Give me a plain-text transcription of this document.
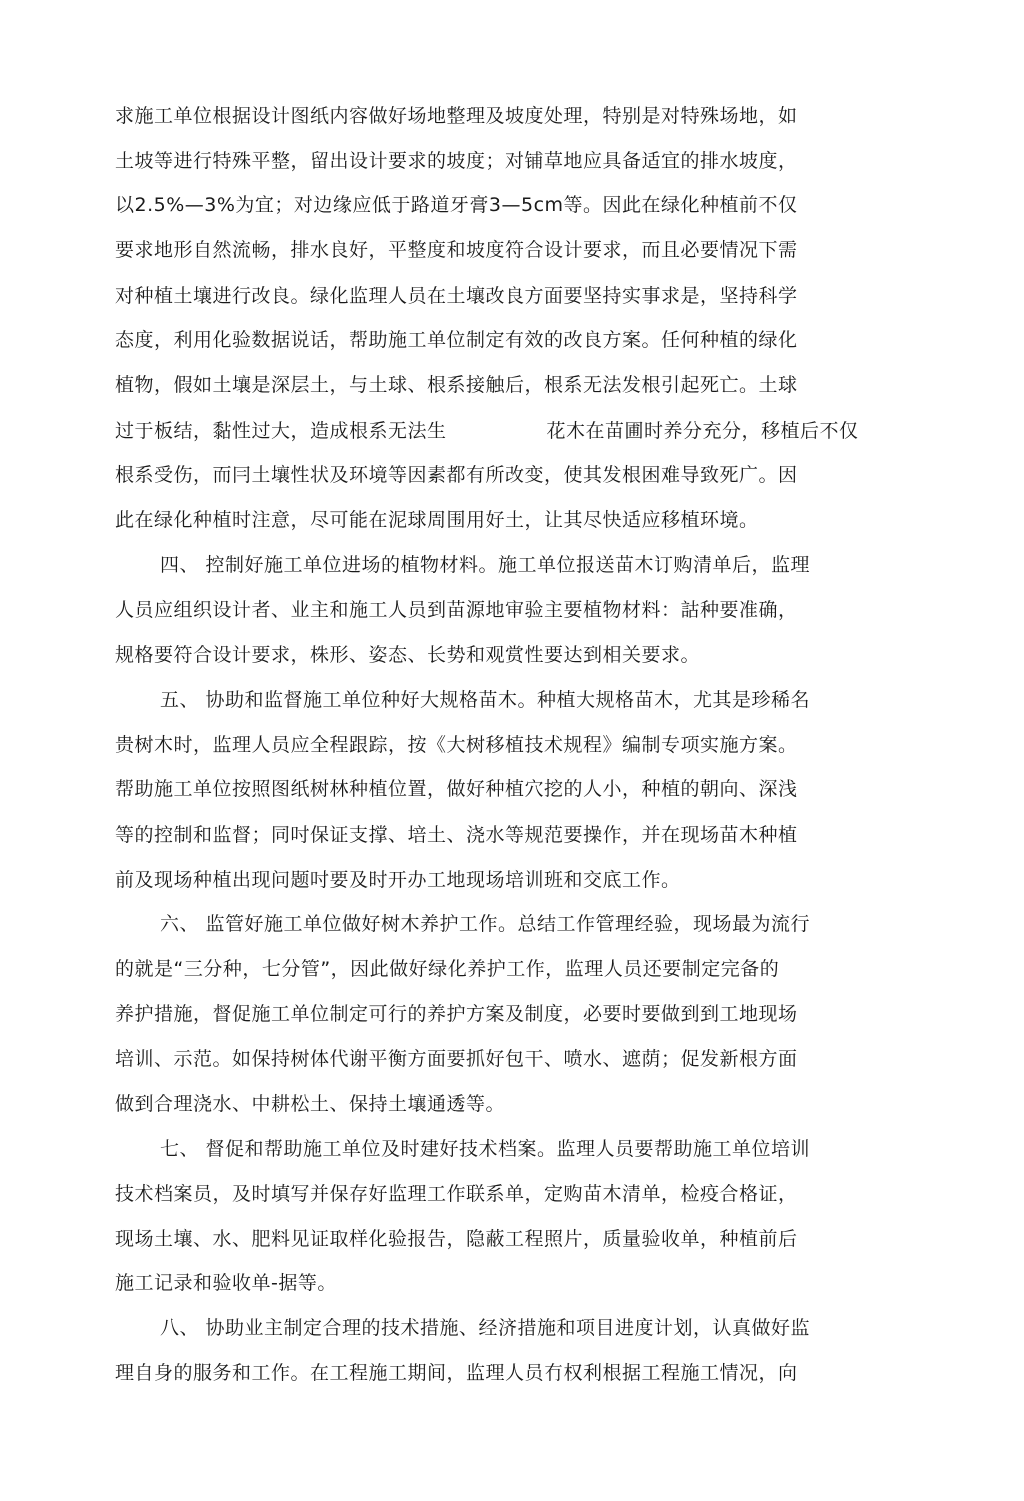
求施工单位根据设计图纸内容做好场地整理及坡度处理，特别是对特殊场地，如
土坡等进行特殊平整，留出设计要求的坡度；对铺草地应具备适宜的排水坡度，
以2.5%—3%为宜；对边缘应低于路道牙膏3—5cm等。因此在绿化种植前不仅
要求地形自然流畅，排水良好，平整度和坡度符合设计要求，而且必要情况下需
对种植土壤进行改良。绿化监理人员在土壤改良方面要坚持实事求是，坚持科学
态度，利用化验数据说话，帮助施工单位制定有效的改良方案。任何种植的绿化
植物，假如土壤是深层土，与土球、根系接触后，根系无法发根引起死亡。土球
过于板结，黏性过大，造成根系无法生	花木在苗圃时养分充分，移植后不仅
根系受伤，而冃土壤性状及环境等因素都有所改变，使其发根困难导致死广。因
此在绿化种植时注意，尽可能在泥球周围用好土，让其尽快适应移植环境。
四、 控制好施工单位进场的植物材料。施工单位报送苗木订购清单后，监理
人员应组织设计者、业主和施工人员到苗源地审验主要植物材料：詁种要准确，
规格要符合设计要求，株形、姿态、长势和观赏性要达到相关要求。
五、 协助和监督施工单位种好大规格苗木。种植大规格苗木，尤其是珍稀名
贵树木时，监理人员应全程跟踪，按《大树移植技术规程》编制专项实施方案。
帮助施工单位按照图纸树林种植位置，做好种植穴挖的人小，种植的朝向、深浅
等的控制和监督；同吋保证支撑、培土、浇水等规范要操作，并在现场苗木种植
前及现场种植出现问题吋要及时开办工地现场培训班和交底工作。
六、 监管好施工单位做好树木养护工作。总结工作管理经验，现场最为流行
的就是“三分种，七分管”，因此做好绿化养护工作，监理人员还要制定完备的
养护措施，督促施工单位制定可行的养护方案及制度，必要时要做到到工地现场
培训、示范。如保持树体代谢平衡方面要抓好包干、喷水、遮荫；促发新根方面
做到合理浇水、中耕松土、保持土壤通透等。
七、 督促和帮助施工单位及时建好技术档案。监理人员要帮助施工单位培训
技术档案员，及时填写并保存好监理工作联系单，定购苗木清单，检疫合格证，
现场土壤、水、肥料见证取样化验报告，隐蔽工程照片，质量验收单，种植前后
施工记录和验收单-据等。
八、 协助业主制定合理的技术措施、经济措施和项目进度计划，认真做好监
理自身的服务和工作。在工程施工期间，监理人员冇权利根据工程施工情况，向
